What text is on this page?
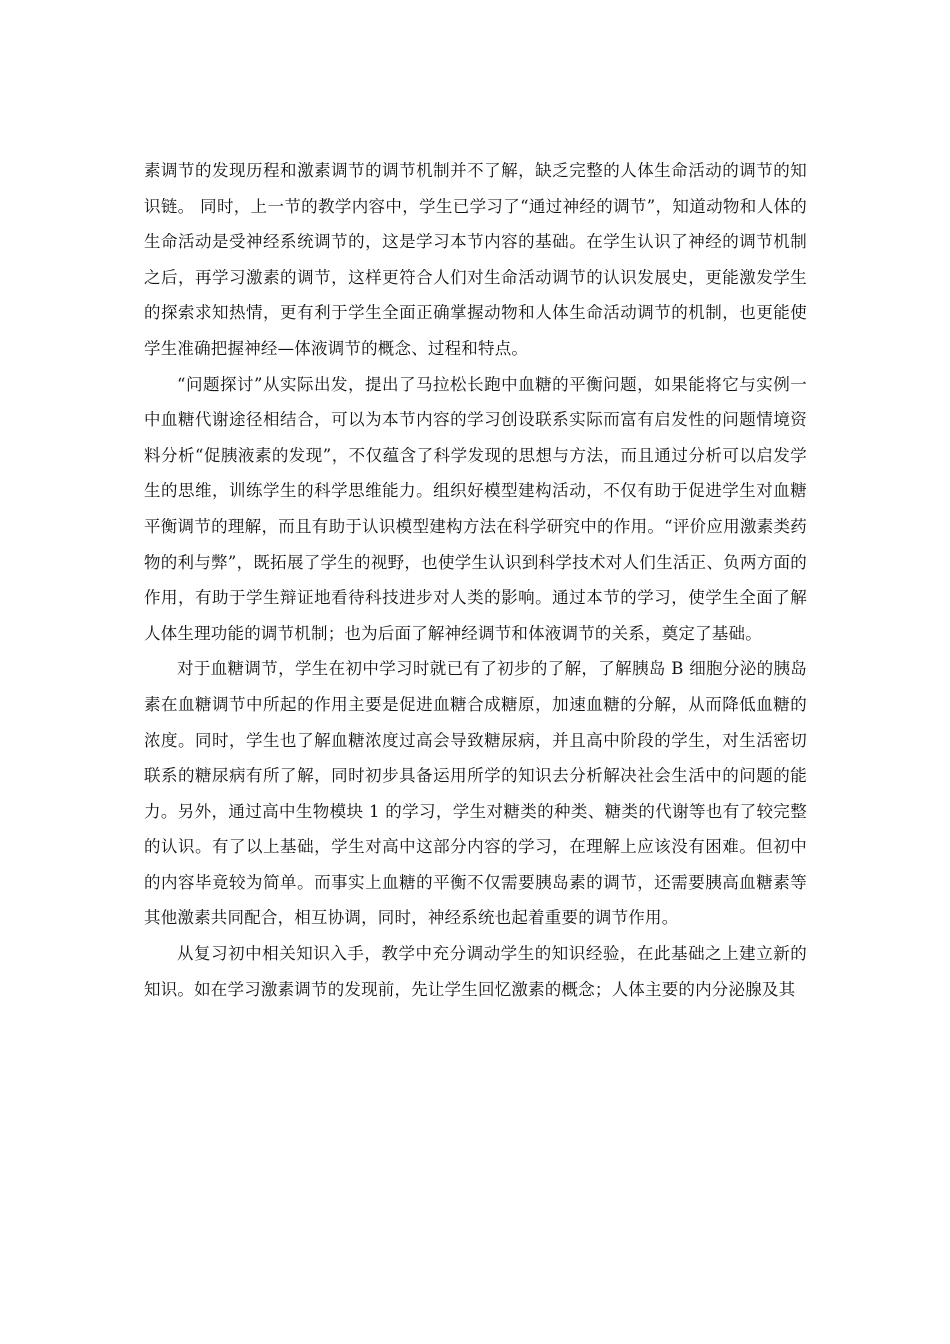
素调节的发现历程和激素调节的调节机制并不了解，缺乏完整的人体生命活动的调节的知识链。 同时，上一节的教学内容中，学生已学习了“通过神经的调节”，知道动物和人体的生命活动是受神经系统调节的，这是学习本节内容的基础。在学生认识了神经的调节机制之后，再学习激素的调节，这样更符合人们对生命活动调节的认识发展史，更能激发学生的探索求知热情，更有利于学生全面正确掌握动物和人体生命活动调节的机制，也更能使学生准确把握神经—体液调节的概念、过程和特点。

“问题探讨”从实际出发，提出了马拉松长跑中血糖的平衡问题，如果能将它与实例一中血糖代谢途径相结合，可以为本节内容的学习创设联系实际而富有启发性的问题情境资料分析“促胰液素的发现”，不仅蕴含了科学发现的思想与方法，而且通过分析可以启发学生的思维，训练学生的科学思维能力。组织好模型建构活动，不仅有助于促进学生对血糖平衡调节的理解，而且有助于认识模型建构方法在科学研究中的作用。“评价应用激素类药物的利与弊”，既拓展了学生的视野，也使学生认识到科学技术对人们生活正、负两方面的作用，有助于学生辩证地看待科技进步对人类的影响。通过本节的学习，使学生全面了解人体生理功能的调节机制；也为后面了解神经调节和体液调节的关系，奠定了基础。

对于血糖调节，学生在初中学习时就已有了初步的了解，了解胰岛 B 细胞分泌的胰岛素在血糖调节中所起的作用主要是促进血糖合成糖原，加速血糖的分解，从而降低血糖的浓度。同时，学生也了解血糖浓度过高会导致糖尿病，并且高中阶段的学生，对生活密切联系的糖尿病有所了解，同时初步具备运用所学的知识去分析解决社会生活中的问题的能力。另外，通过高中生物模块 1 的学习，学生对糖类的种类、糖类的代谢等也有了较完整的认识。有了以上基础，学生对高中这部分内容的学习，在理解上应该没有困难。但初中的内容毕竟较为简单。而事实上血糖的平衡不仅需要胰岛素的调节，还需要胰高血糖素等其他激素共同配合，相互协调，同时，神经系统也起着重要的调节作用。

从复习初中相关知识入手，教学中充分调动学生的知识经验，在此基础之上建立新的知识。如在学习激素调节的发现前，先让学生回忆激素的概念；人体主要的内分泌腺及其
